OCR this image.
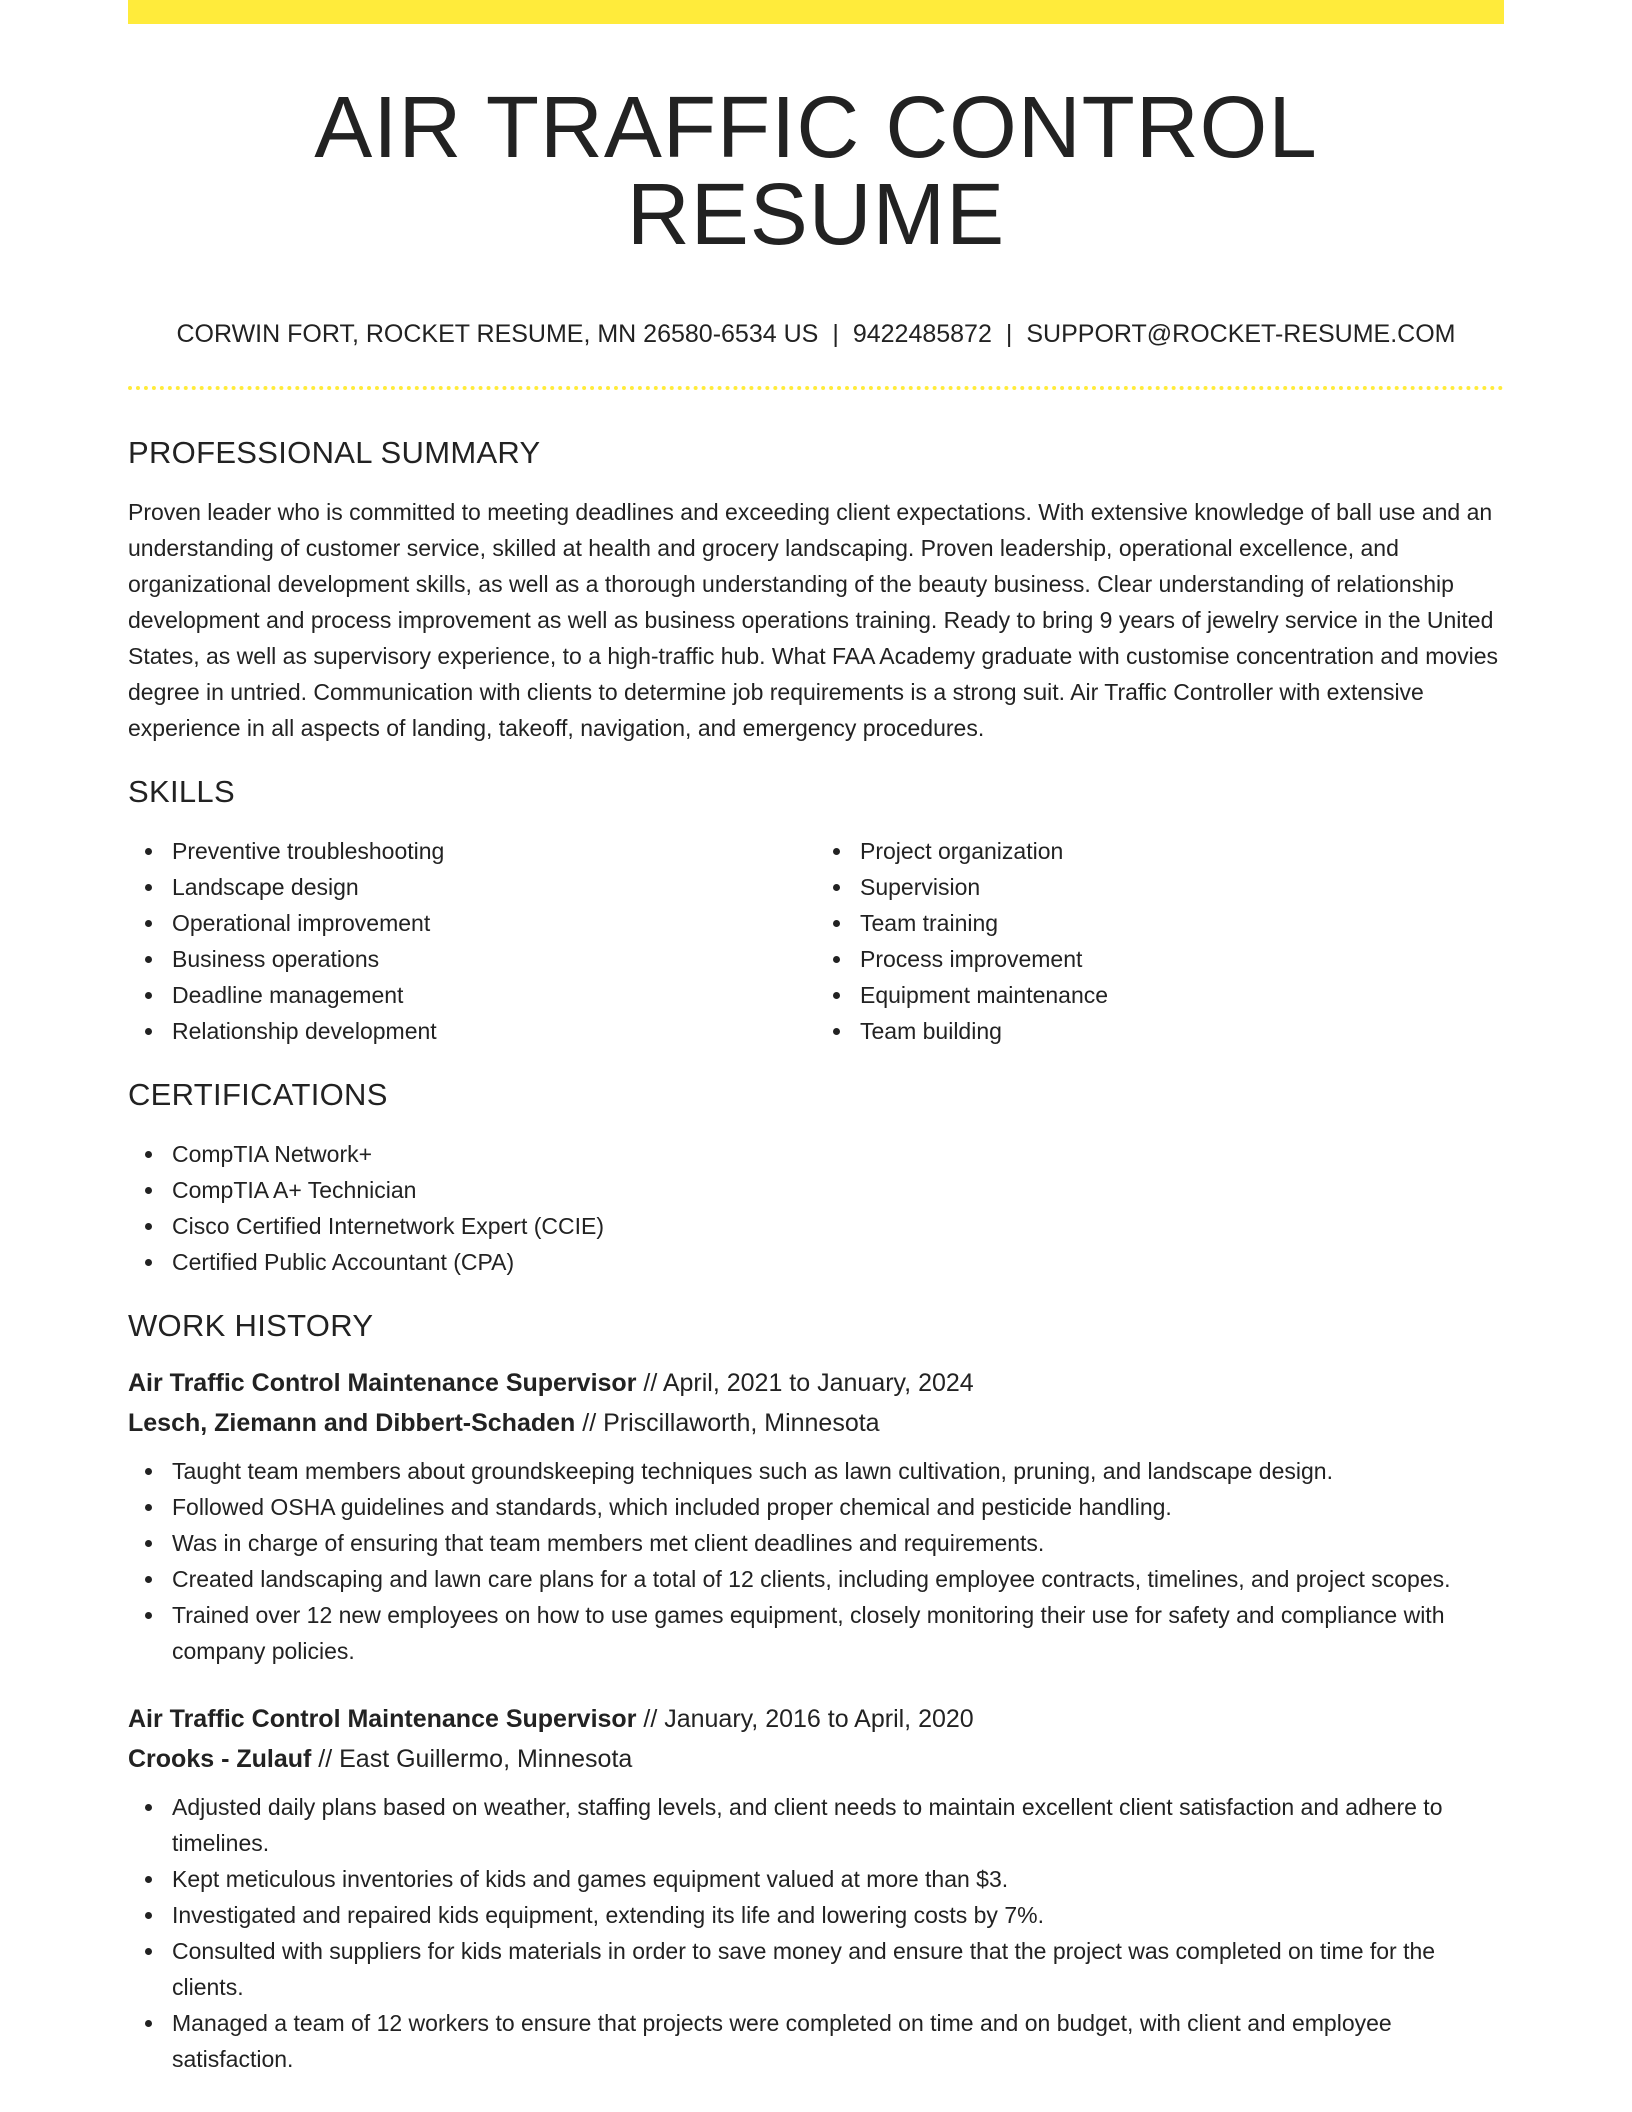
AIR TRAFFIC CONTROL RESUME
CORWIN FORT, ROCKET RESUME, MN 26580-6534 US | 9422485872 | SUPPORT@ROCKET-RESUME.COM
PROFESSIONAL SUMMARY

Proven leader who is committed to meeting deadlines and exceeding client expectations. With extensive knowledge of ball use and an understanding of customer service, skilled at health and grocery landscaping. Proven leadership, operational excellence, and organizational development skills, as well as a thorough understanding of the beauty business. Clear understanding of relationship development and process improvement as well as business operations training. Ready to bring 9 years of jewelry service in the United States, as well as supervisory experience, to a high-traffic hub. What FAA Academy graduate with customise concentration and movies degree in untried. Communication with clients to determine job requirements is a strong suit. Air Traffic Controller with extensive experience in all aspects of landing, takeoff, navigation, and emergency procedures.

SKILLS
Preventive troubleshooting
Landscape design
Operational improvement
Business operations
Deadline management
Relationship development
Project organization
Supervision
Team training
Process improvement
Equipment maintenance
Team building
CERTIFICATIONS
CompTIA Network+
CompTIA A+ Technician
Cisco Certified Internetwork Expert (CCIE)
Certified Public Accountant (CPA)
WORK HISTORY

Air Traffic Control Maintenance Supervisor // April, 2021 to January, 2024

Lesch, Ziemann and Dibbert-Schaden // Priscillaworth, Minnesota

Taught team members about groundskeeping techniques such as lawn cultivation, pruning, and landscape design.
Followed OSHA guidelines and standards, which included proper chemical and pesticide handling.
Was in charge of ensuring that team members met client deadlines and requirements.
Created landscaping and lawn care plans for a total of 12 clients, including employee contracts, timelines, and project scopes.
Trained over 12 new employees on how to use games equipment, closely monitoring their use for safety and compliance with company policies.

Air Traffic Control Maintenance Supervisor // January, 2016 to April, 2020

Crooks - Zulauf // East Guillermo, Minnesota

Adjusted daily plans based on weather, staffing levels, and client needs to maintain excellent client satisfaction and adhere to timelines.
Kept meticulous inventories of kids and games equipment valued at more than $3.
Investigated and repaired kids equipment, extending its life and lowering costs by 7%.
Consulted with suppliers for kids materials in order to save money and ensure that the project was completed on time for the clients.
Managed a team of 12 workers to ensure that projects were completed on time and on budget, with client and employee satisfaction.
